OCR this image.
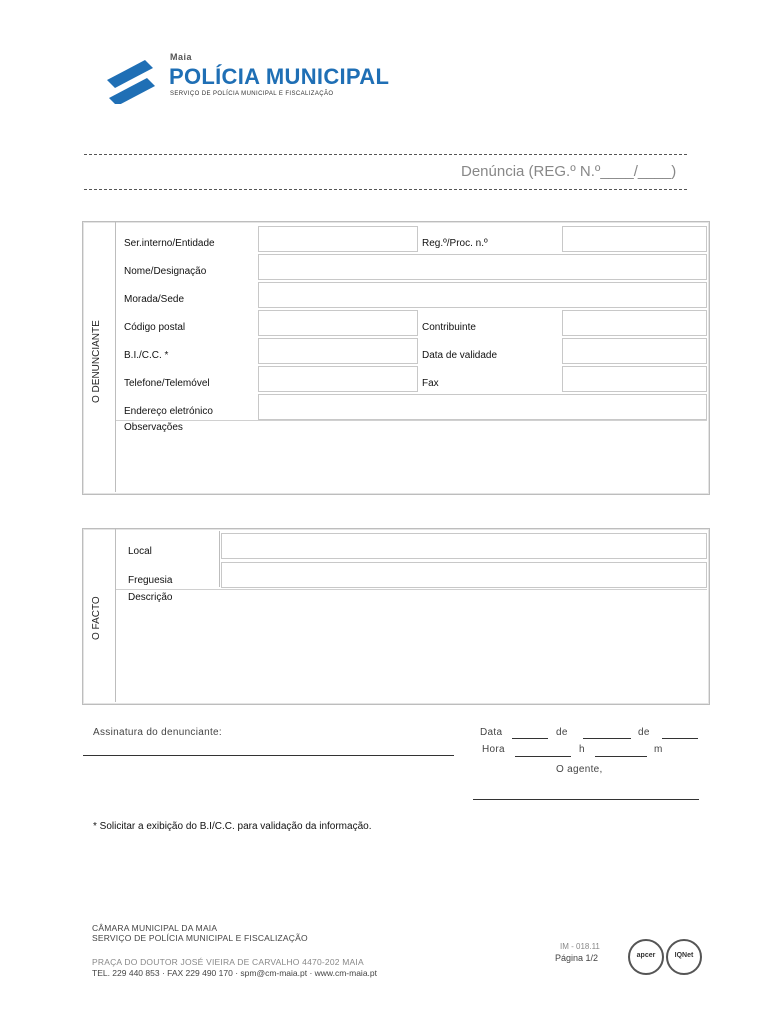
Maia
POLÍCIA MUNICIPAL
SERVIÇO DE POLÍCIA MUNICIPAL E FISCALIZAÇÃO
Denúncia (REG.º N.º____/____)
O DENUNCIANTE
Ser.interno/Entidade	Reg.º/Proc. n.º
Nome/Designação
Morada/Sede
Código postal	Contribuinte
B.I./C.C. *	Data de validade
Telefone/Telemóvel	Fax
Endereço eletrónico
Observações
O FACTO
Local
Freguesia
Descrição
Assinatura do denunciante:	Data	de	de
Hora	h	m
O agente,
* Solicitar a exibição do B.I/C.C. para validação da informação.
CÂMARA MUNICIPAL DA MAIA
SERVIÇO DE POLÍCIA MUNICIPAL E FISCALIZAÇÃO
PRAÇA DO DOUTOR JOSÉ VIEIRA DE CARVALHO 4470-202 MAIA
TEL. 229 440 853 · FAX 229 490 170 · spm@cm-maia.pt · www.cm-maia.pt
IM - 018.11
Página 1/2	apcer	IQNet
